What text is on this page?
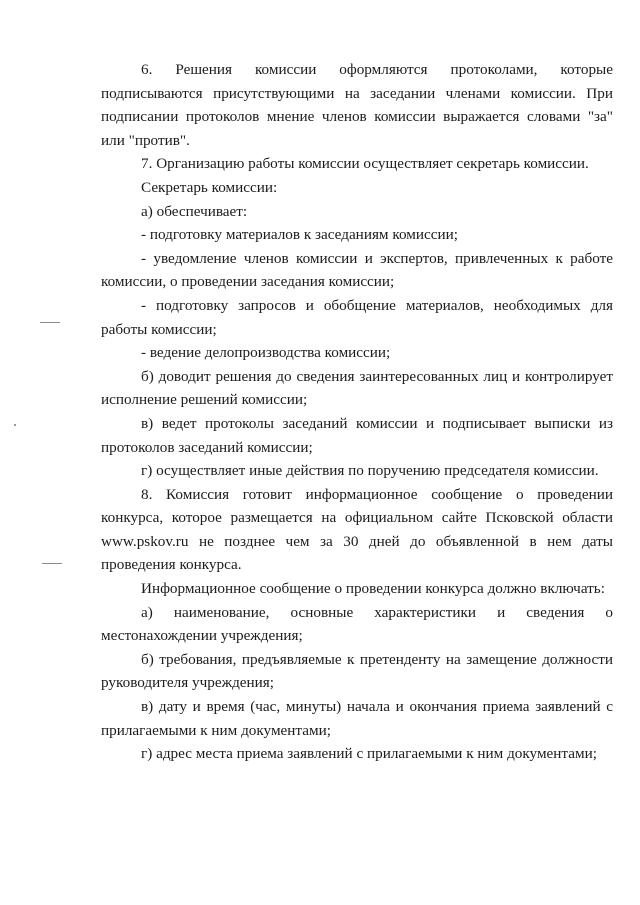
6. Решения комиссии оформляются протоколами, которые подписываются присутствующими на заседании членами комиссии. При подписании протоколов мнение членов комиссии выражается словами "за" или "против".

7. Организацию работы комиссии осуществляет секретарь комиссии.

Секретарь комиссии:

а) обеспечивает:

- подготовку материалов к заседаниям комиссии;

- уведомление членов комиссии и экспертов, привлеченных к работе комиссии, о проведении заседания комиссии;

- подготовку запросов и обобщение материалов, необходимых для работы комиссии;

- ведение делопроизводства комиссии;

б) доводит решения до сведения заинтересованных лиц и контролирует исполнение решений комиссии;

в) ведет протоколы заседаний комиссии и подписывает выписки из протоколов заседаний комиссии;

г) осуществляет иные действия по поручению председателя комиссии.

8. Комиссия готовит информационное сообщение о проведении конкурса, которое размещается на официальном сайте Псковской области www.pskov.ru не позднее чем за 30 дней до объявленной в нем даты проведения конкурса.

Информационное сообщение о проведении конкурса должно включать:

а) наименование, основные характеристики и сведения о местонахождении учреждения;

б) требования, предъявляемые к претенденту на замещение должности руководителя учреждения;

в) дату и время (час, минуты) начала и окончания приема заявлений с прилагаемыми к ним документами;

г) адрес места приема заявлений с прилагаемыми к ним документами;
